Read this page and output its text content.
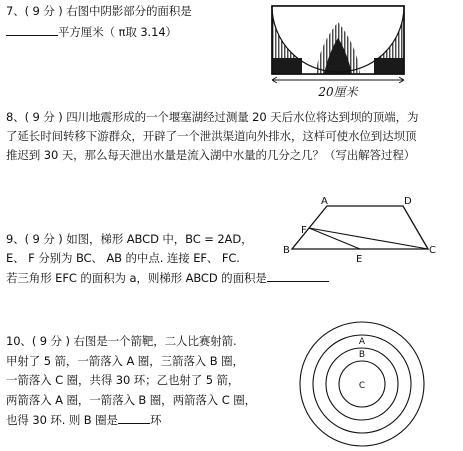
7、( 9 分 ) 右图中阴影部分的面积是
平方厘米（ π取 3.14）
20厘米
8、( 9 分 ) 四川地震形成的一个堰塞湖经过测量 20 天后水位将达到坝的顶端，为
了延长时间转移下游群众，开辟了一个泄洪渠道向外排水，这样可使水位到达坝顶
推迟到 30 天，那么每天泄出水量是流入湖中水量的几分之几？（写出解答过程）
9、( 9 分 ) 如图，梯形 ABCD 中，BC = 2AD，
E、 F 分别为 BC、 AB 的中点. 连接 EF、 FC.
若三角形 EFC 的面积为 a，则梯形 ABCD 的面积是
A	D
F
B	C
E
10、( 9 分 ) 右图是一个箭靶，二人比赛射箭.
甲射了 5 箭，一箭落入 A 圈，三箭落入 B 圈，
一箭落入 C 圈，共得 30 环；乙也射了 5 箭，
两箭落入 A 圈，一箭落入 B 圈，两箭落入 C 圈，
也得 30 环. 则 B 圈是	环
A
B
C
